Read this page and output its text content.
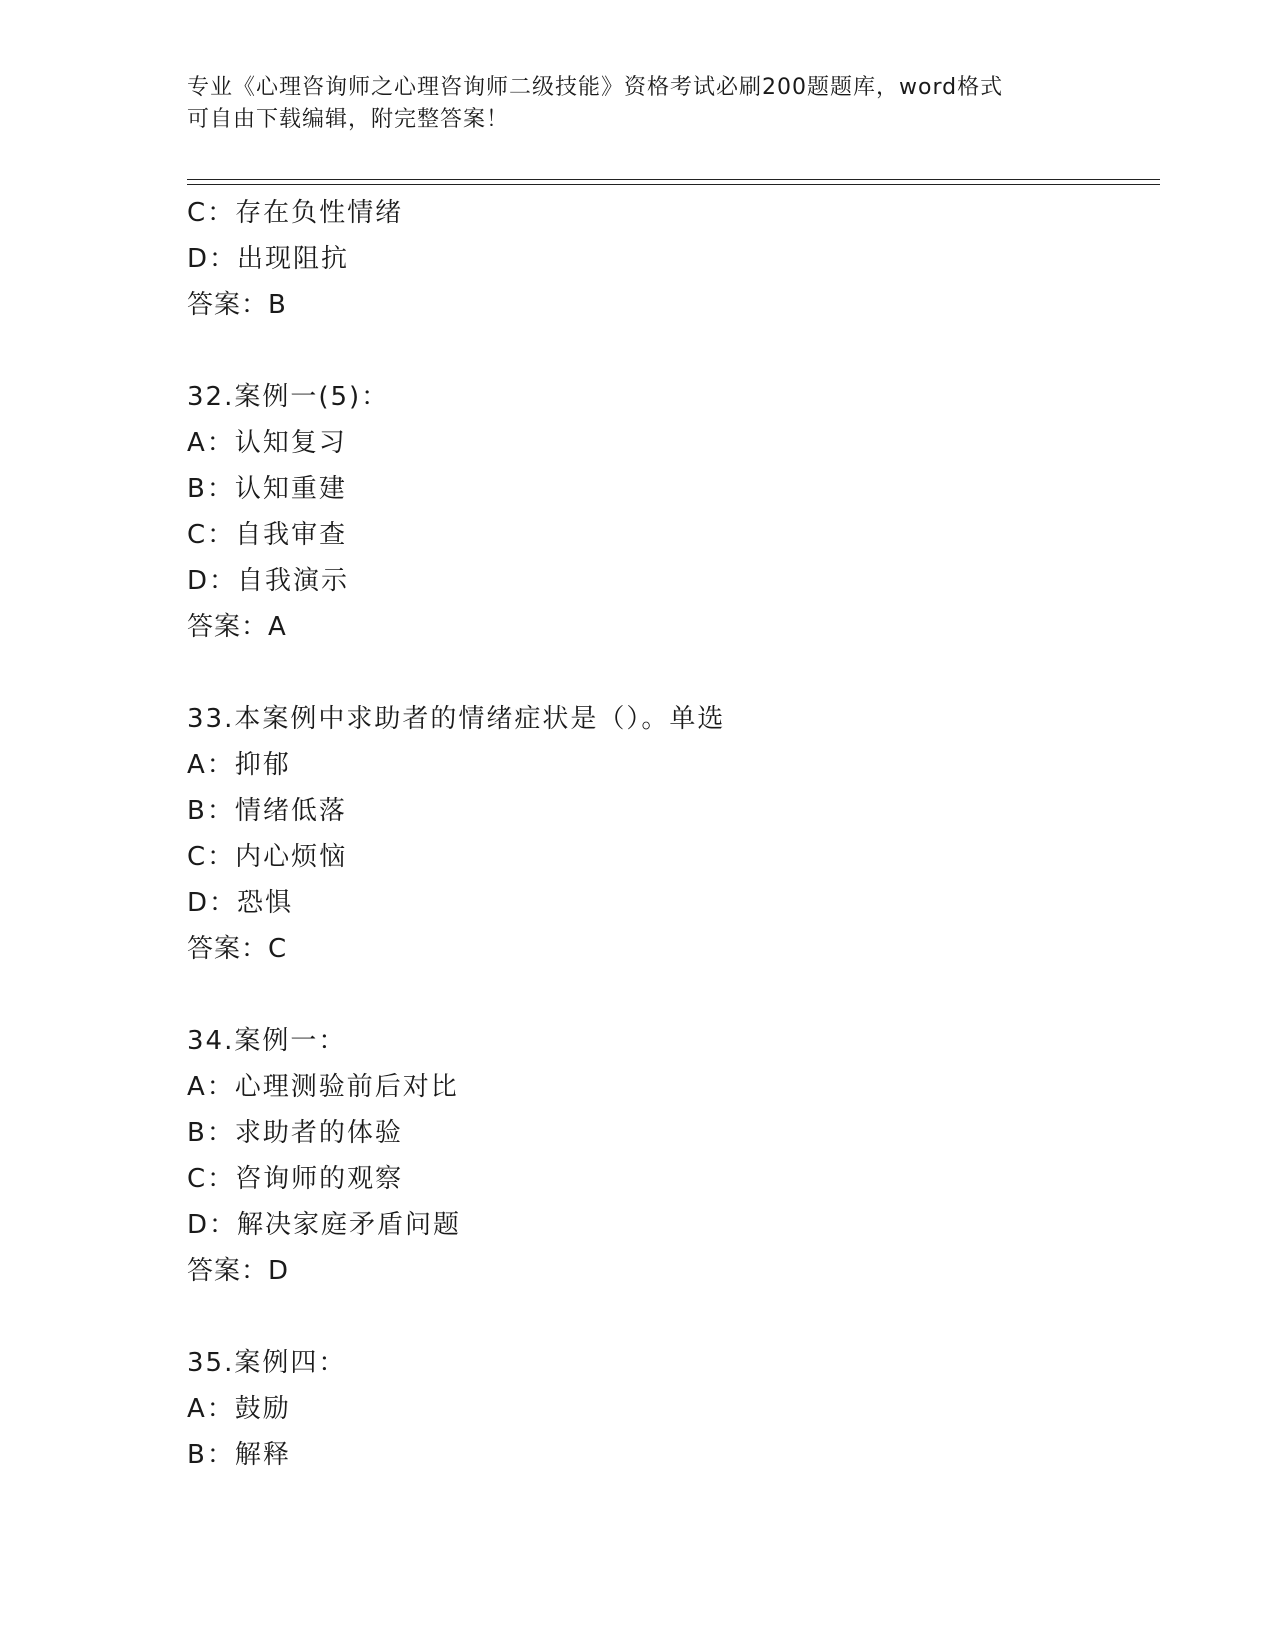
专业《心理咨询师之心理咨询师二级技能》资格考试必刷200题题库，word格式
可自由下载编辑，附完整答案！
C：存在负性情绪
D：出现阻抗
答案：B
32.案例一(5)：
A：认知复习
B：认知重建
C：自我审查
D：自我演示
答案：A
33.本案例中求助者的情绪症状是（）。单选
A：抑郁
B：情绪低落
C：内心烦恼
D：恐惧
答案：C
34.案例一：
A：心理测验前后对比
B：求助者的体验
C：咨询师的观察
D：解决家庭矛盾问题
答案：D
35.案例四：
A：鼓励
B：解释
